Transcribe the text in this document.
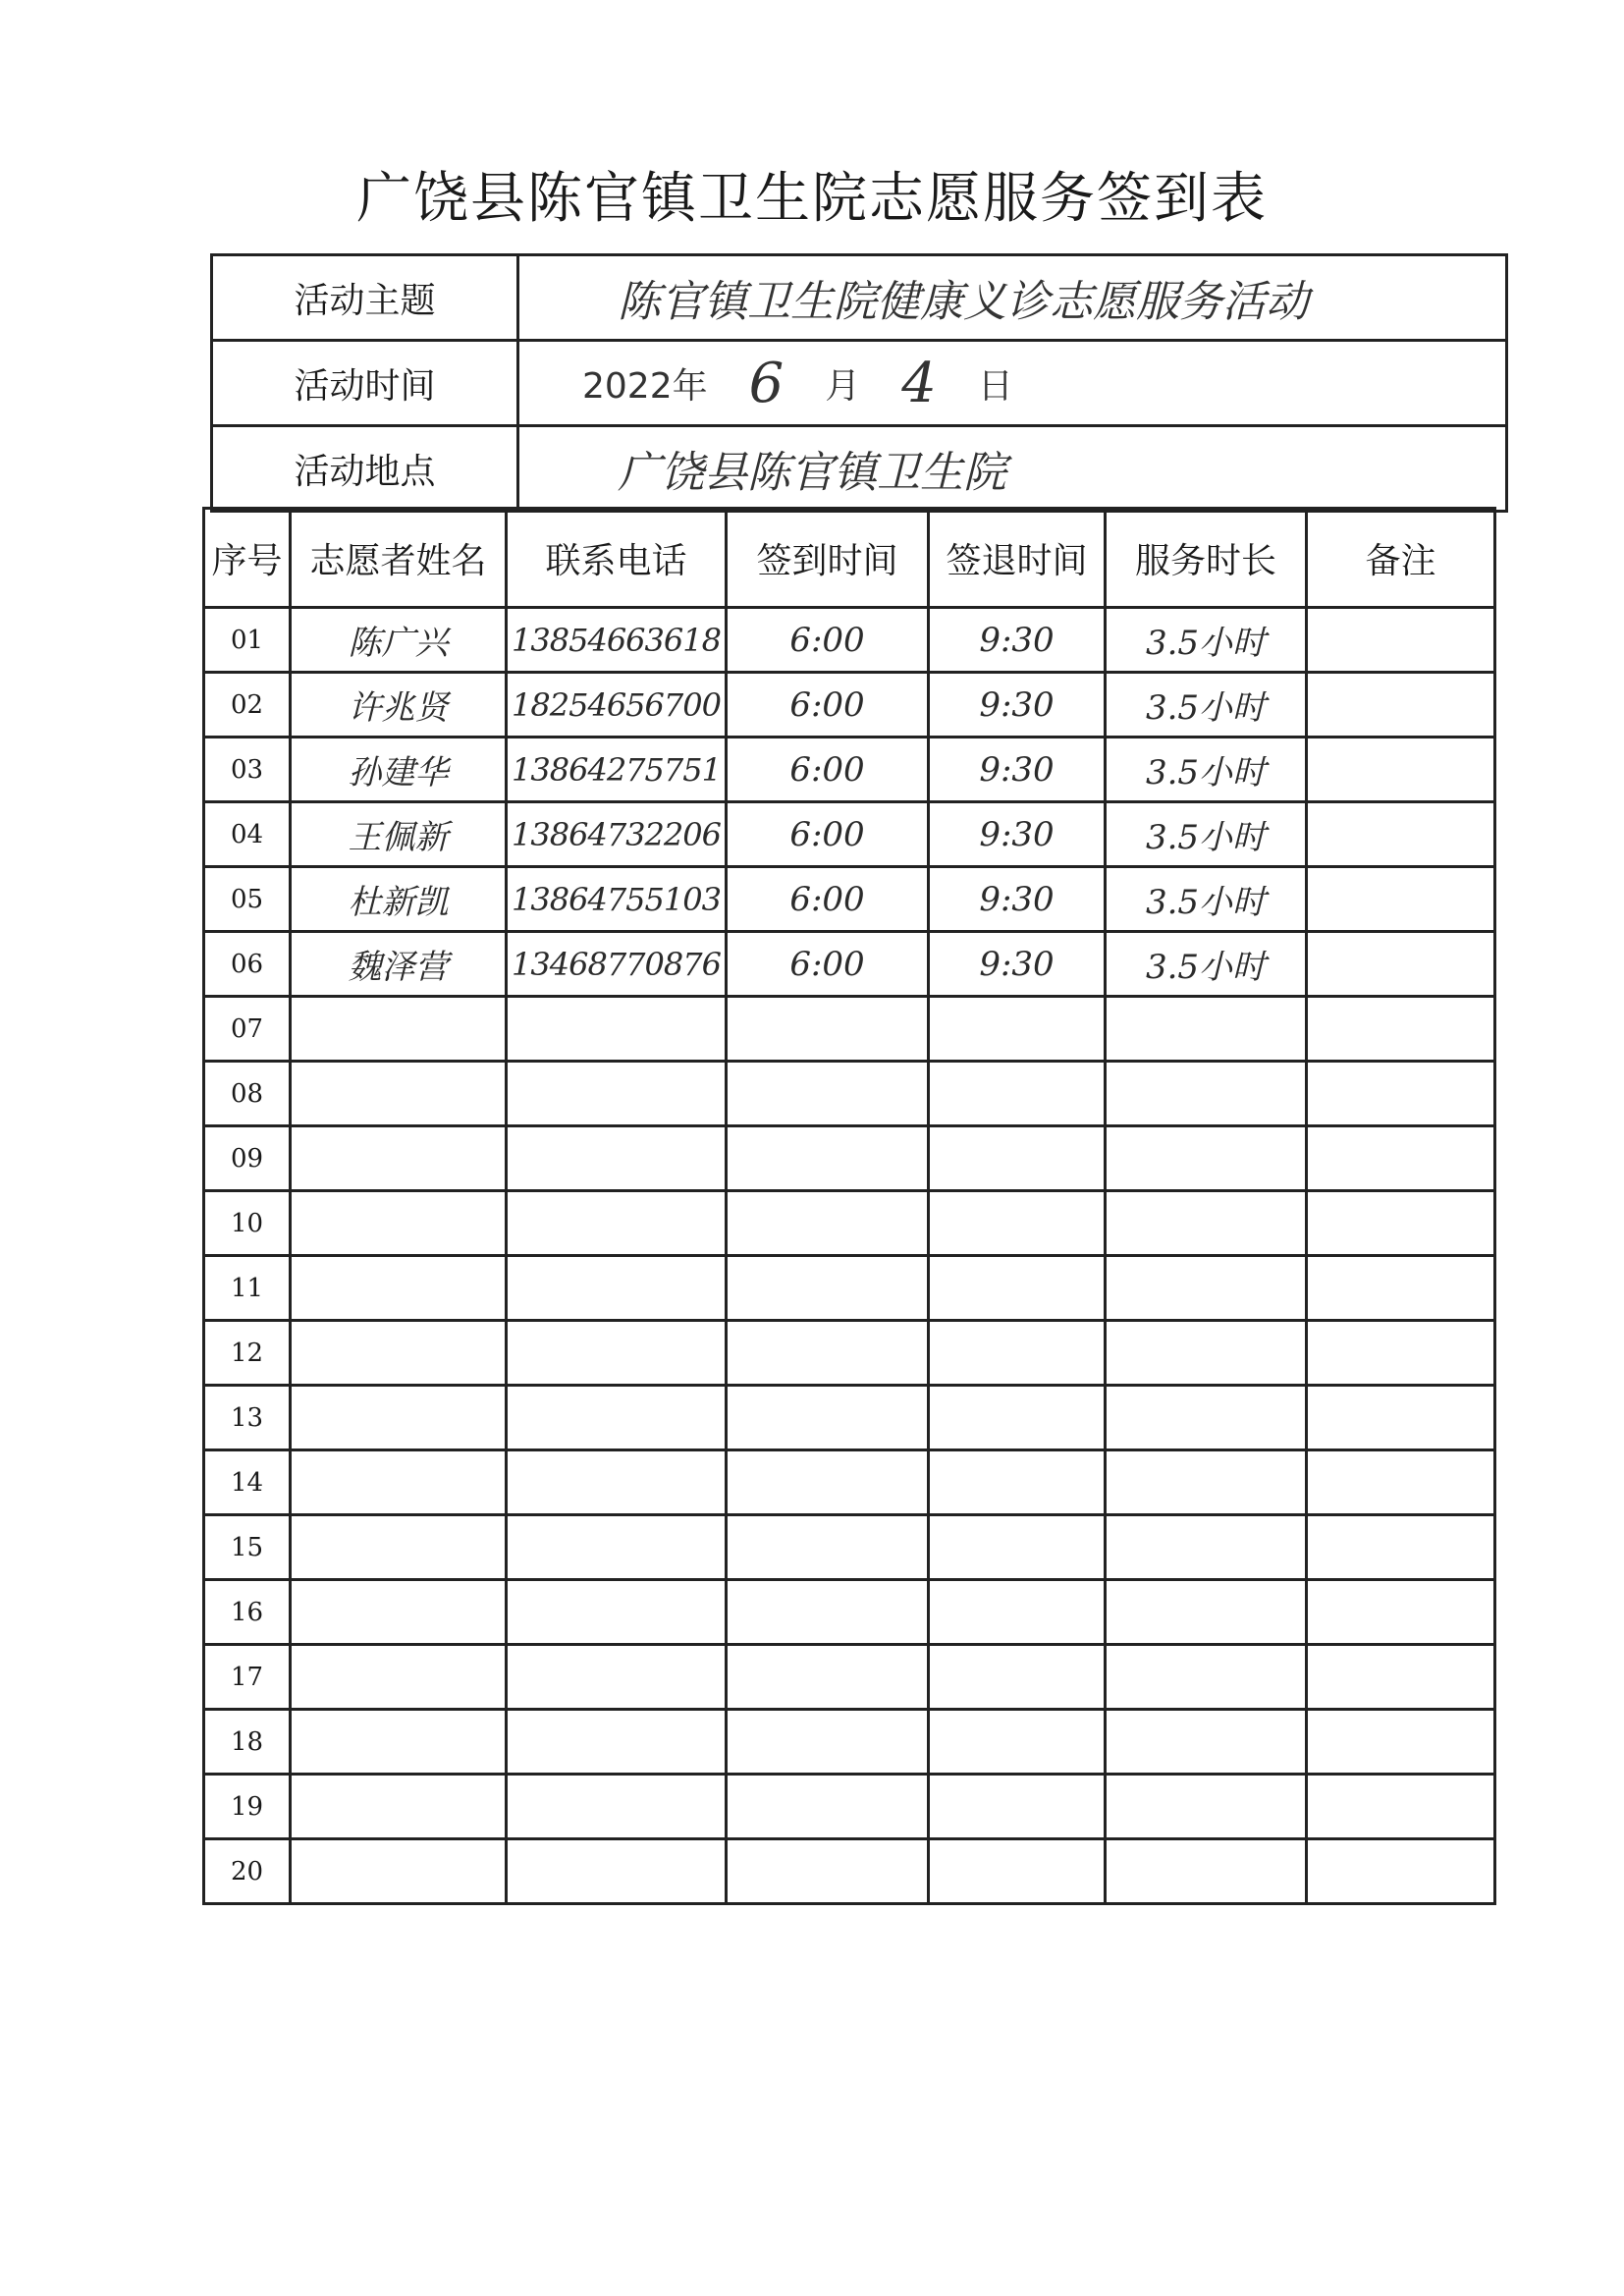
广饶县陈官镇卫生院志愿服务签到表
活动主题	陈官镇卫生院健康义诊志愿服务活动
活动时间	2022年 6 月 4 日
活动地点	广饶县陈官镇卫生院
序号	志愿者姓名	联系电话	签到时间	签退时间	服务时长	备注
01	陈广兴	13854663618	6:00	9:30	3.5小时	
02	许兆贤	18254656700	6:00	9:30	3.5小时	
03	孙建华	13864275751	6:00	9:30	3.5小时	
04	王佩新	13864732206	6:00	9:30	3.5小时	
05	杜新凯	13864755103	6:00	9:30	3.5小时	
06	魏泽营	13468770876	6:00	9:30	3.5小时	
07						
08						
09						
10						
11						
12						
13						
14						
15						
16						
17						
18						
19						
20						
